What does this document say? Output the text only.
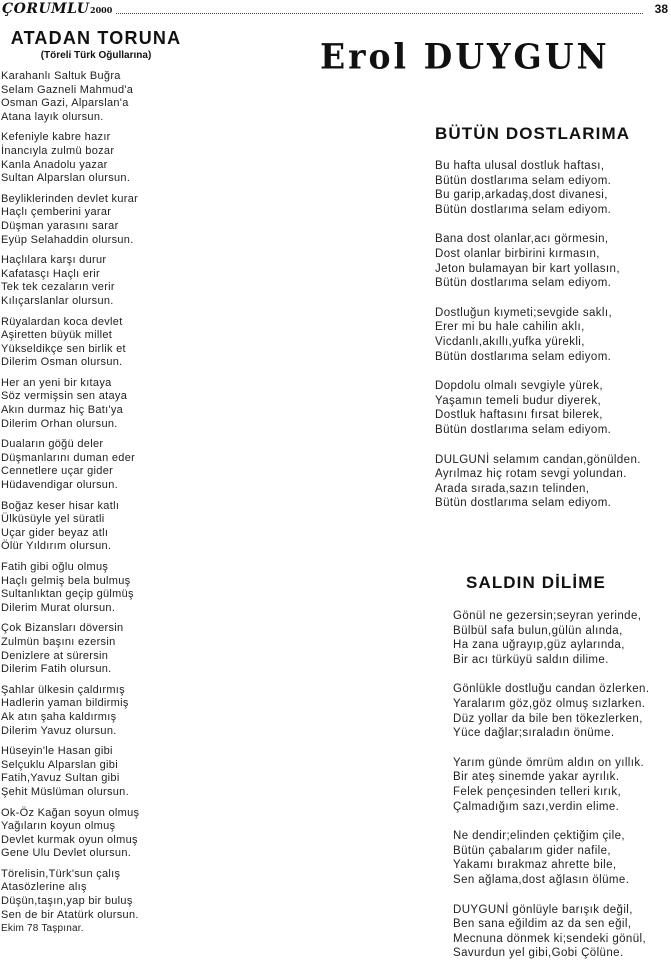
ÇORUMLU 2000	38
ATADAN TORUNA
(Töreli Türk Oğullarına)
Karahanlı Saltuk Buğra
Selam Gazneli Mahmud'a
Osman Gazi, Alparslan'a
Atana layık olursun.
Kefeniyle kabre hazır
İnancıyla zulmü bozar
Kanla Anadolu yazar
Sultan Alparslan olursun.
Beyliklerinden devlet kurar
Haçlı çemberini yarar
Düşman yarasını sarar
Eyüp Selahaddin olursun.
Haçlılara karşı durur
Kafatasçı Haçlı erir
Tek tek cezaların verir
Kılıçarslanlar olursun.
Rüyalardan koca devlet
Aşiretten büyük millet
Yükseldikçe sen birlik et
Dilerim Osman olursun.
Her an yeni bir kıtaya
Söz vermişsin sen ataya
Akın durmaz hiç Batı'ya
Dilerim Orhan olursun.
Duaların göğü deler
Düşmanlarını duman eder
Cennetlere uçar gider
Hüdavendigar olursun.
Boğaz keser hisar katlı
Ülküsüyle yel süratli
Uçar gider beyaz atlı
Ölür Yıldırım olursun.
Fatih gibi oğlu olmuş
Haçlı gelmiş bela bulmuş
Sultanlıktan geçip gülmüş
Dilerim Murat olursun.
Çok Bizansları döversin
Zulmün başını ezersin
Denizlere at sürersin
Dilerim Fatih olursun.
Şahlar ülkesin çaldırmış
Hadlerin yaman bildirmiş
Ak atın şaha kaldırmış
Dilerim Yavuz olursun.
Hüseyin'le Hasan gibi
Selçuklu Alparslan gibi
Fatih,Yavuz Sultan gibi
Şehit Müslüman olursun.
Ok-Öz Kağan soyun olmuş
Yağıların koyun olmuş
Devlet kurmak oyun olmuş
Gene Ulu Devlet olursun.
Törelisin,Türk'sun çalış
Atasözlerine alış
Düşün,taşın,yap bir buluş
Sen de bir Atatürk olursun.
Ekim 78 Taşpınar.
Erol DUYGUN
BÜTÜN DOSTLARIMA
Bu hafta ulusal dostluk haftası,
Bütün dostlarıma selam ediyom.
Bu garip,arkadaş,dost divanesi,
Bütün dostlarıma selam ediyom.
Bana dost olanlar,acı görmesin,
Dost olanlar birbirini kırmasın,
Jeton bulamayan bir kart yollasın,
Bütün dostlarıma selam ediyom.
Dostluğun kıymeti;sevgide saklı,
Erer mi bu hale cahilin aklı,
Vicdanlı,akıllı,yufka yürekli,
Bütün dostlarıma selam ediyom.
Dopdolu olmalı sevgiyle yürek,
Yaşamın temeli budur diyerek,
Dostluk haftasını fırsat bilerek,
Bütün dostlarıma selam ediyom.
DULGUNİ selamım candan,gönülden.
Ayrılmaz hiç rotam sevgi yolundan.
Arada sırada,sazın telinden,
Bütün dostlarıma selam ediyom.
SALDIN DİLİME
Gönül ne gezersin;seyran yerinde,
Bülbül safa bulun,gülün alında,
Ha zana uğrayıp,güz aylarında,
Bir acı türküyü saldın dilime.
Gönlükle dostluğu candan özlerken.
Yaralarım göz,göz olmuş sızlarken.
Düz yollar da bile ben tökezlerken,
Yüce dağlar;sıraladın önüme.
Yarım günde ömrüm aldın on yıllık.
Bir ateş sinemde yakar ayrılık.
Felek pençesinden telleri kırık,
Çalmadığım sazı,verdin elime.
Ne dendir;elinden çektiğim çile,
Bütün çabalarım gider nafile,
Yakamı bırakmaz ahrette bile,
Sen ağlama,dost ağlasın ölüme.
DUYGUNİ gönlüyle barışık değil,
Ben sana eğildim az da sen eğil,
Mecnuna dönmek ki;sendeki gönül,
Savurdun yel gibi,Gobi Çölüne.
